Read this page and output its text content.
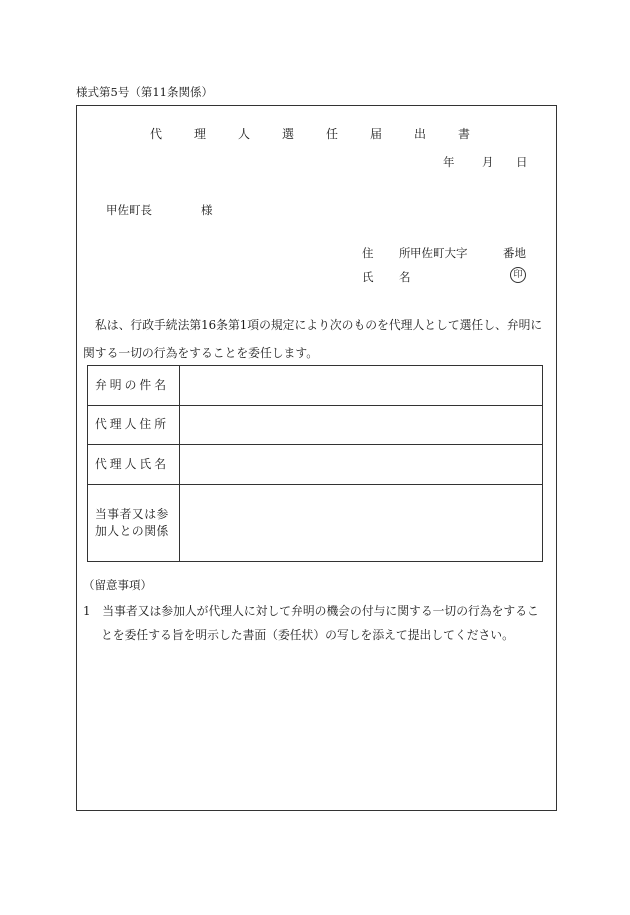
様式第5号（第11条関係）
代　理　人　選　任　届　出　書
年 月 日
甲佐町長	様
住　所
甲佐町大字	番地
氏　名	印
私は、行政手続法第16条第1項の規定により次のものを代理人として選任し、弁明に関する一切の行為をすることを委任します。
弁明の件名	
代理人住所	
代理人氏名	
当事者又は参加人との関係	
（留意事項）
1　当事者又は参加人が代理人に対して弁明の機会の付与に関する一切の行為をするこ
とを委任する旨を明示した書面（委任状）の写しを添えて提出してください。
